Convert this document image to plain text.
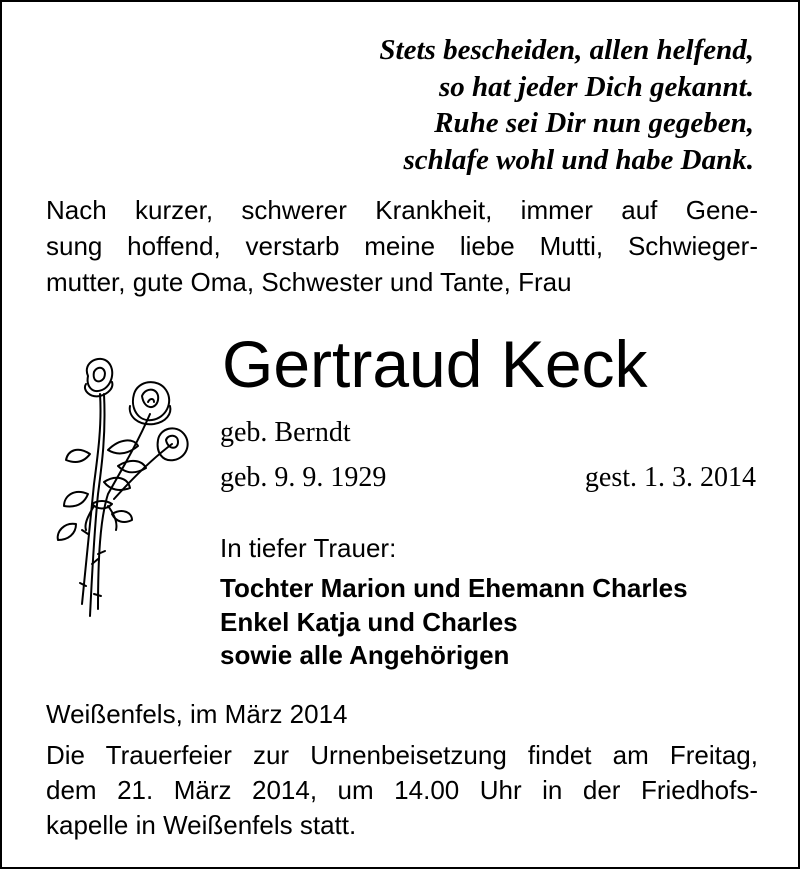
Stets bescheiden, allen helfend,
so hat jeder Dich gekannt.
Ruhe sei Dir nun gegeben,
schlafe wohl und habe Dank.
Nach kurzer, schwerer Krankheit, immer auf Gene-
sung hoffend, verstarb meine liebe Mutti, Schwieger-
mutter, gute Oma, Schwester und Tante, Frau
Gertraud Keck
geb. Berndt
geb. 9. 9. 1929	gest. 1. 3. 2014
In tiefer Trauer:
Tochter Marion und Ehemann Charles
Enkel Katja und Charles
sowie alle Angehörigen
Weißenfels, im März 2014
Die Trauerfeier zur Urnenbeisetzung findet am Freitag,
dem 21. März 2014, um 14.00 Uhr in der Friedhofs-
kapelle in Weißenfels statt.
